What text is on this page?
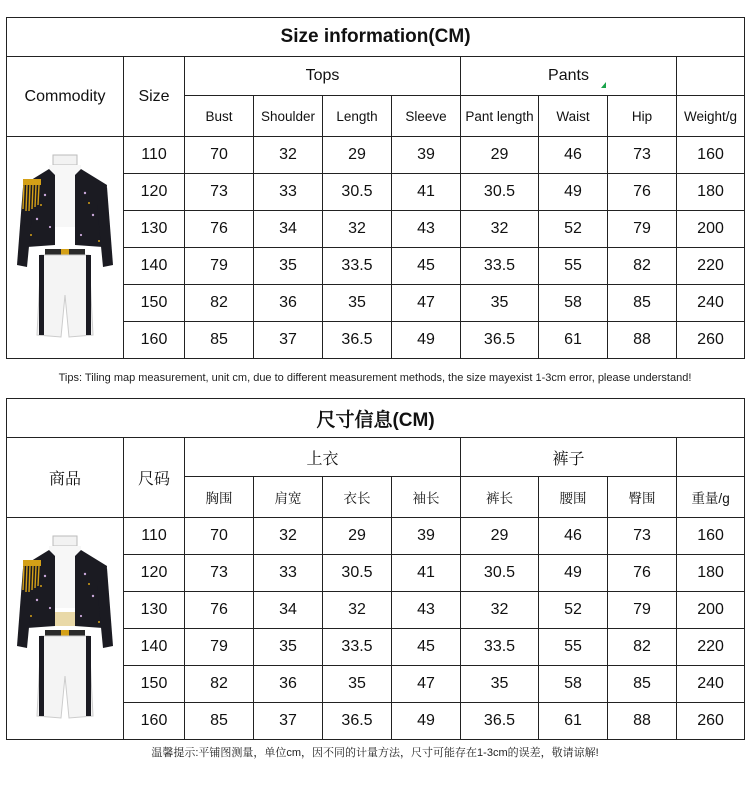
Size information(CM)									
Commodity	Size	Tops				Pants			
		Bust	Shoulder	Length	Sleeve	Pant length	Waist	Hip	Weight/g

	110	70	32	29	39	29	46	73	160
	120	73	33	30.5	41	30.5	49	76	180
	130	76	34	32	43	32	52	79	200
	140	79	35	33.5	45	33.5	55	82	220
	150	82	36	35	47	35	58	85	240
	160	85	37	36.5	49	36.5	61	88	260
Tips: Tiling map measurement, unit cm, due to different measurement methods, the size mayexist 1-3cm error, please understand!
尺寸信息(CM)									
商品	尺码	上衣				裤子			
		胸围	肩宽	衣长	袖长	裤长	腰围	臀围	重量/g

	110	70	32	29	39	29	46	73	160
	120	73	33	30.5	41	30.5	49	76	180
	130	76	34	32	43	32	52	79	200
	140	79	35	33.5	45	33.5	55	82	220
	150	82	36	35	47	35	58	85	240
	160	85	37	36.5	49	36.5	61	88	260
温馨提示:平铺图测量，单位cm，因不同的计量方法，尺寸可能存在1-3cm的误差，敬请谅解!
